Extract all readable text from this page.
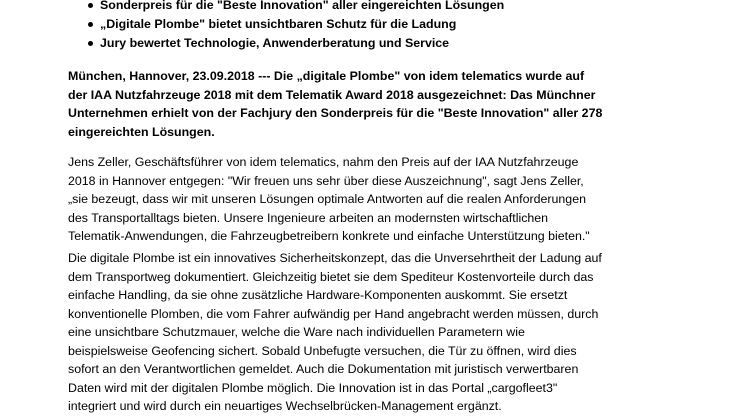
Sonderpreis für die "Beste Innovation" aller eingereichten Lösungen
„Digitale Plombe" bietet unsichtbaren Schutz für die Ladung
Jury bewertet Technologie, Anwenderberatung und Service

München, Hannover, 23.09.2018 --- Die „digitale Plombe" von idem telematics wurde auf
der IAA Nutzfahrzeuge 2018 mit dem Telematik Award 2018 ausgezeichnet: Das Münchner
Unternehmen erhielt von der Fachjury den Sonderpreis für die "Beste Innovation" aller 278
eingereichten Lösungen.

Jens Zeller, Geschäftsführer von idem telematics, nahm den Preis auf der IAA Nutzfahrzeuge
2018 in Hannover entgegen: "Wir freuen uns sehr über diese Auszeichnung", sagt Jens Zeller,
„sie bezeugt, dass wir mit unseren Lösungen optimale Antworten auf die realen Anforderungen
des Transportalltags bieten. Unsere Ingenieure arbeiten an modernsten wirtschaftlichen
Telematik-Anwendungen, die Fahrzeugbetreibern konkrete und einfache Unterstützung bieten."

Die digitale Plombe ist ein innovatives Sicherheitskonzept, das die Unversehrtheit der Ladung auf
dem Transportweg dokumentiert. Gleichzeitig bietet sie dem Spediteur Kostenvorteile durch das
einfache Handling, da sie ohne zusätzliche Hardware-Komponenten auskommt. Sie ersetzt
konventionelle Plomben, die vom Fahrer aufwändig per Hand angebracht werden müssen, durch
eine unsichtbare Schutzmauer, welche die Ware nach individuellen Parametern wie
beispielsweise Geofencing sichert. Sobald Unbefugte versuchen, die Tür zu öffnen, wird dies
sofort an den Verantwortlichen gemeldet. Auch die Dokumentation mit juristisch verwertbaren
Daten wird mit der digitalen Plombe möglich. Die Innovation ist in das Portal „cargofleet3"
integriert und wird durch ein neuartiges Wechselbrücken-Management ergänzt.
